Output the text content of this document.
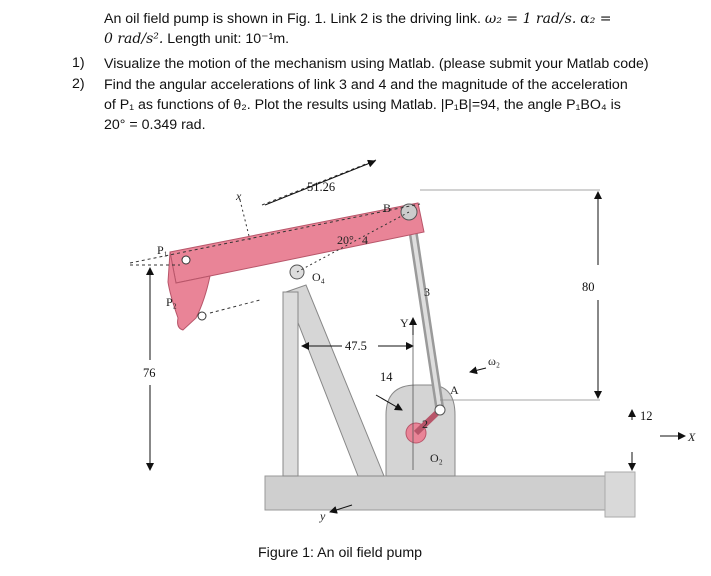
An oil field pump is shown in Fig. 1. Link 2 is the driving link. ω₂ = 1 rad/s. α₂ =
0 rad/s². Length unit: 10⁻¹m.
1) Visualize the motion of the mechanism using Matlab. (please submit your Matlab code)
2) Find the angular accelerations of link 3 and 4 and the magnitude of the acceleration
of P₁ as functions of θ₂. Plot the results using Matlab. |P₁B|=94, the angle P₁BO₄ is
20° = 0.349 rad.
51.26
B
20° 4
O₄
3	80
Y
47.5
14
A
ω₂
2
O₂
P₁
P₂
76
12
X
x
y
Figure 1: An oil field pump
